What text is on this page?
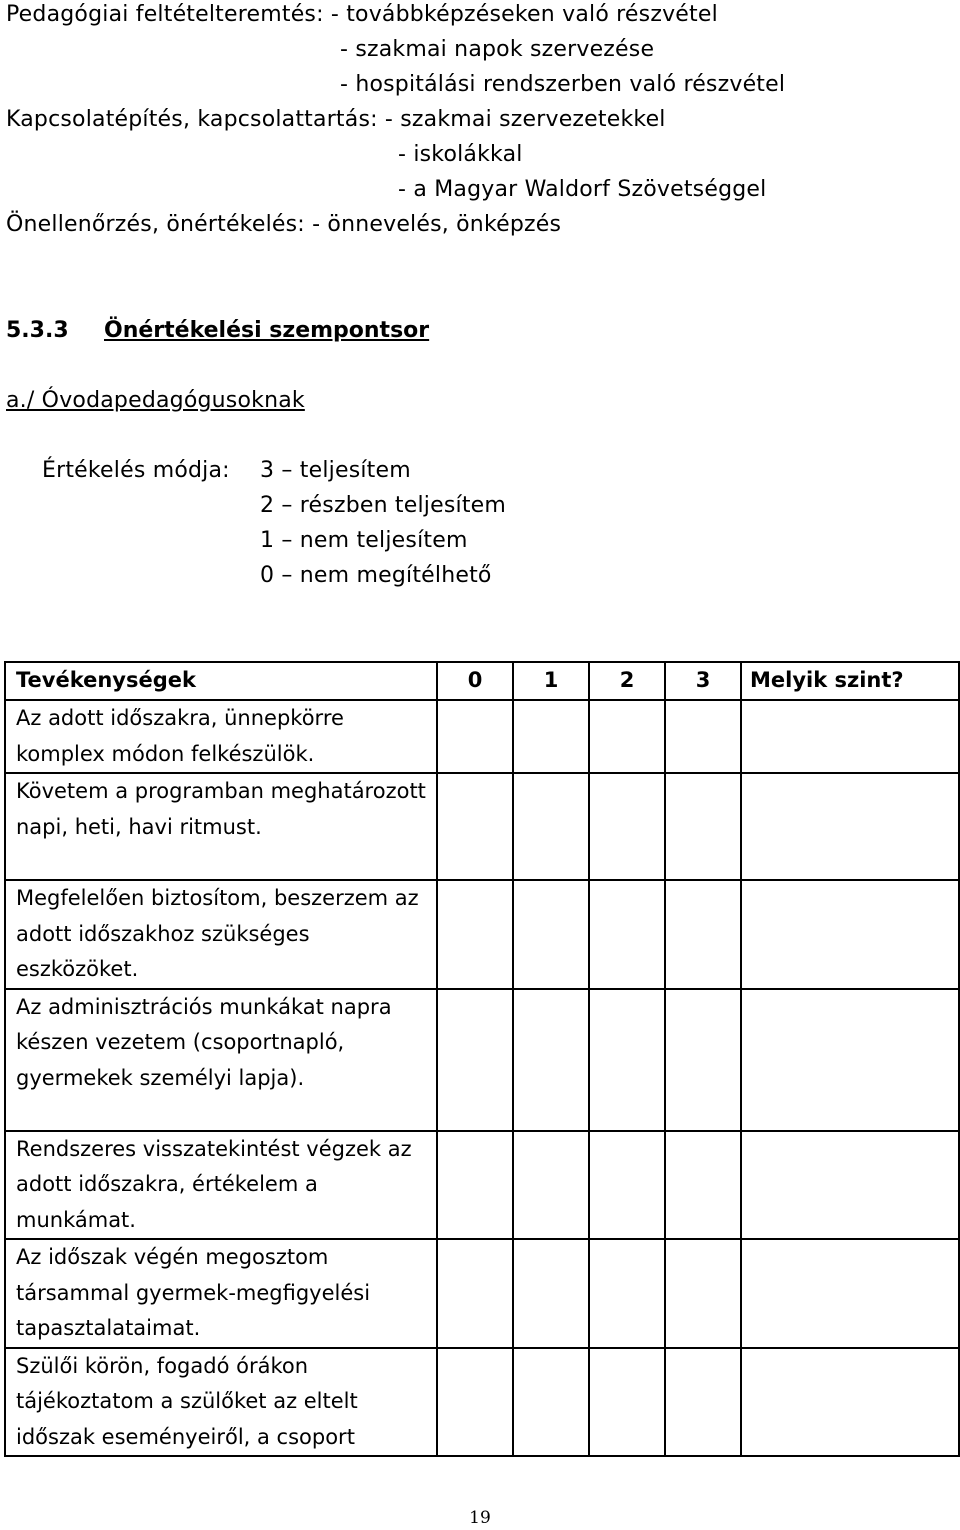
Pedagógiai feltételteremtés: - továbbképzéseken való részvétel
- szakmai napok szervezése
- hospitálási rendszerben való részvétel
Kapcsolatépítés, kapcsolattartás: - szakmai szervezetekkel
- iskolákkal
- a Magyar Waldorf Szövetséggel
Önellenőrzés, önértékelés: - önnevelés, önképzés
5.3.3 Önértékelési szempontsor
a./ Óvodapedagógusoknak
Értékelés módja: 3 – teljesítem
2 – részben teljesítem
1 – nem teljesítem
0 – nem megítélhető
Tevékenységek	0	1	2	3	Melyik szint?
Az adott időszakra, ünnepkörre komplex módon felkészülök.					
Követem a programban meghatározott napi, heti, havi ritmust.					
Megfelelően biztosítom, beszerzem az adott időszakhoz szükséges eszközöket.					
Az adminisztrációs munkákat napra készen vezetem (csoportnapló, gyermekek személyi lapja).					
Rendszeres visszatekintést végzek az adott időszakra, értékelem a munkámat.					
Az időszak végén megosztom társammal gyermek-megfigyelési tapasztalataimat.					
Szülői körön, fogadó órákon tájékoztatom a szülőket az eltelt időszak eseményeiről, a csoport					
19
